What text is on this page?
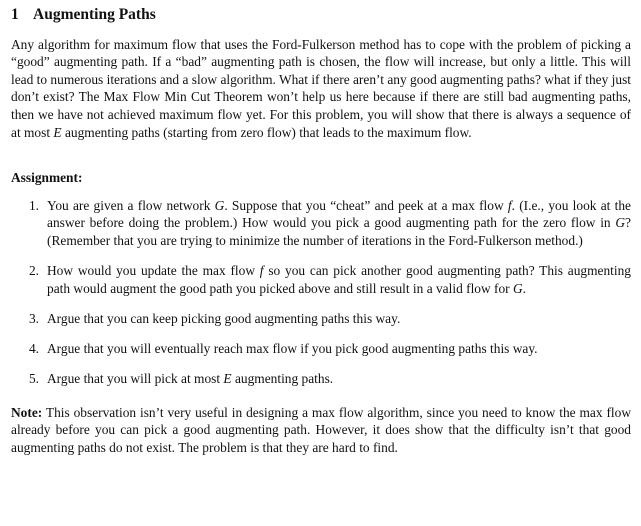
1 Augmenting Paths

Any algorithm for maximum flow that uses the Ford-Fulkerson method has to cope with the problem of picking a “good” augmenting path. If a “bad” augmenting path is chosen, the flow will increase, but only a little. This will lead to numerous iterations and a slow algorithm. What if there aren’t any good augmenting paths? what if they just don’t exist? The Max Flow Min Cut Theorem won’t help us here because if there are still bad augmenting paths, then we have not achieved maximum flow yet. For this problem, you will show that there is always a sequence of at most E augmenting paths (starting from zero flow) that leads to the maximum flow.

Assignment:
1. You are given a flow network G. Suppose that you “cheat” and peek at a max flow f. (I.e., you look at the answer before doing the problem.) How would you pick a good augmenting path for the zero flow in G? (Remember that you are trying to minimize the number of iterations in the Ford-Fulkerson method.)
2. How would you update the max flow f so you can pick another good augmenting path? This augmenting path would augment the good path you picked above and still result in a valid flow for G.
3. Argue that you can keep picking good augmenting paths this way.
4. Argue that you will eventually reach max flow if you pick good augmenting paths this way.
5. Argue that you will pick at most E augmenting paths.

Note: This observation isn’t very useful in designing a max flow algorithm, since you need to know the max flow already before you can pick a good augmenting path. However, it does show that the difficulty isn’t that good augmenting paths do not exist. The problem is that they are hard to find.
